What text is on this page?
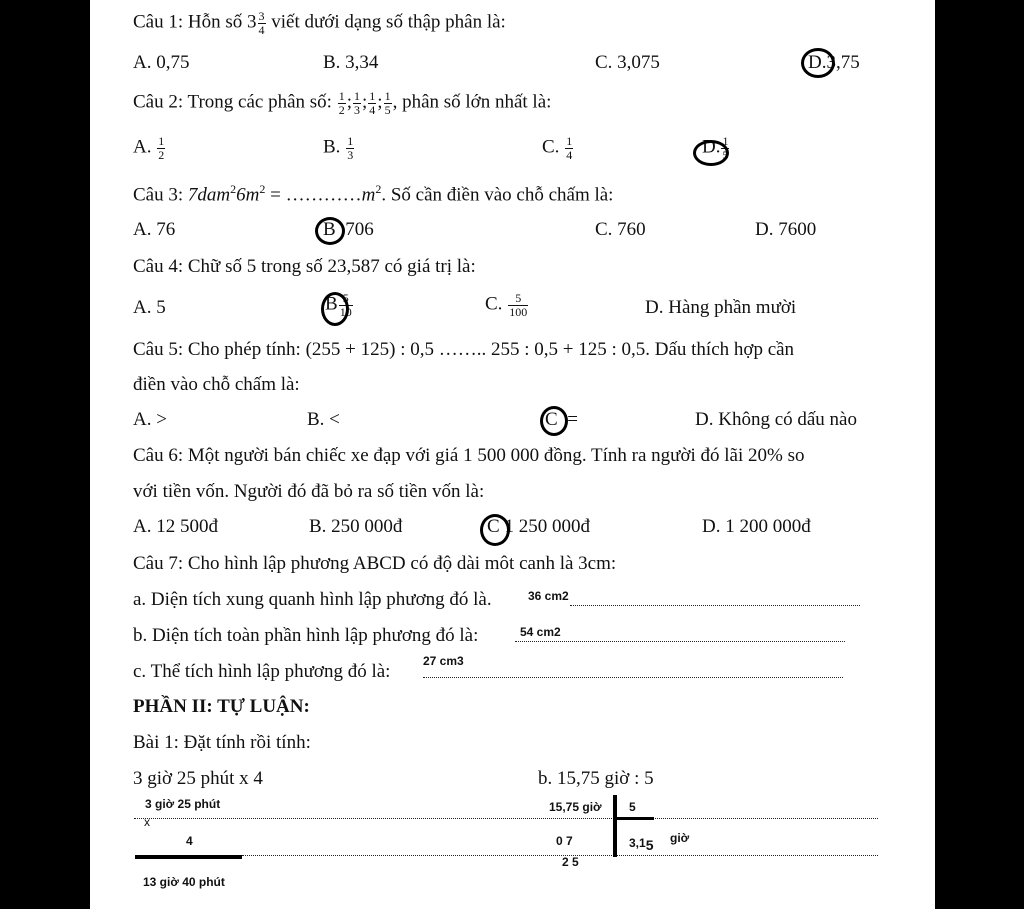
Câu 1: Hỗn số $3 \frac{3}{4}$ viết dưới dạng số thập phân là:
A. 0,75	B. 3,34	C. 3,075	D.3,75
Câu 2: Trong các phân số: $\frac{1}{2}$ ; $\frac{1}{3}$ ; $\frac{1}{4}$ ; $\frac{1}{5}$ , phân số lớn nhất là:
A. $\frac{1}{2}$	B. $\frac{1}{3}$	C. $\frac{1}{4}$	D. $\frac{1}{5}$
Câu 3: $7dam^26m^2$ = $\dots\dots\dots\dots m^2$. Số cần điền vào chỗ chấm là:
A. 76	B 706	C. 760	D. 7600
Câu 4: Chữ số 5 trong số 23,587 có giá trị là:
A. 5	B $\frac{5}{10}$	C. $\frac{5}{100}$	D. Hàng phần mười
Câu 5: Cho phép tính: (255 + 125) : 0,5 …….. 255 : 0,5 + 125 : 0,5. Dấu thích hợp cần
điền vào chỗ chấm là:
A. >	B. <	C =	D. Không có dấu nào
Câu 6: Một người bán chiếc xe đạp với giá 1 500 000 đồng. Tính ra người đó lãi 20% so
với tiền vốn. Người đó đã bỏ ra số tiền vốn là:
A. 12 500đ	B. 250 000đ	C 1 250 000đ	D. 1 200 000đ
Câu 7: Cho hình lập phương ABCD có độ dài môt canh là 3cm:
a. Diện tích xung quanh hình lập phương đó là.	36 cm2
b. Diện tích toàn phần hình lập phương đó là:	54 cm2
c. Thể tích hình lập phương đó là:	27 cm3
PHẦN II: TỰ LUẬN:
Bài 1: Đặt tính rồi tính:
3 giờ 25 phút x 4	b. 15,75 giờ : 5
3 giờ 25 phút
x
4
13 giờ 40 phút
15,75 giờ 5
0 7
2 5
3,15 giờ
